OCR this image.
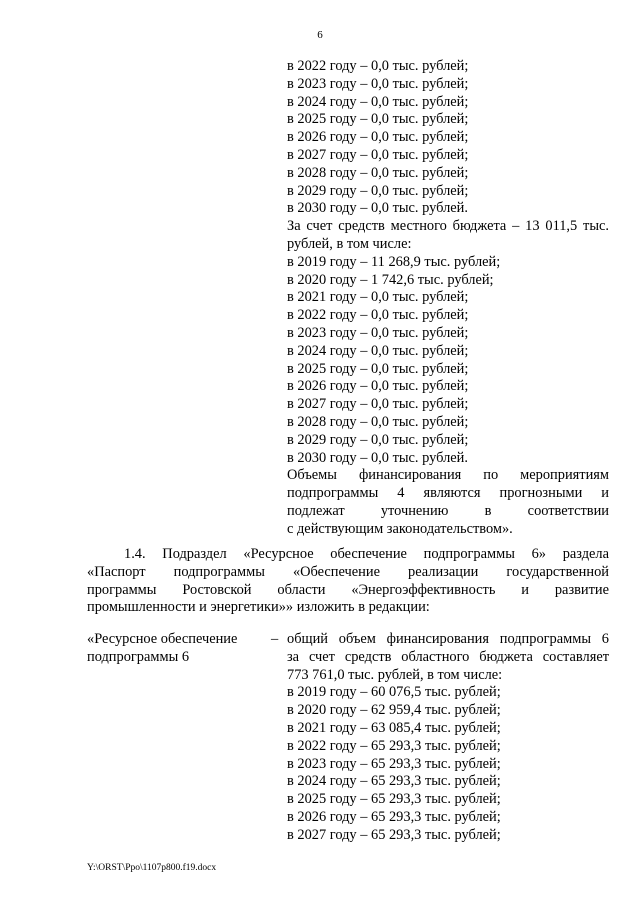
6
в 2022 году – 0,0 тыс. рублей;
в 2023 году – 0,0 тыс. рублей;
в 2024 году – 0,0 тыс. рублей;
в 2025 году – 0,0 тыс. рублей;
в 2026 году – 0,0 тыс. рублей;
в 2027 году – 0,0 тыс. рублей;
в 2028 году – 0,0 тыс. рублей;
в 2029 году – 0,0 тыс. рублей;
в 2030 году – 0,0 тыс. рублей.
За счет средств местного бюджета – 13 011,5 тыс.
рублей, в том числе:
в 2019 году – 11 268,9 тыс. рублей;
в 2020 году – 1 742,6 тыс. рублей;
в 2021 году – 0,0 тыс. рублей;
в 2022 году – 0,0 тыс. рублей;
в 2023 году – 0,0 тыс. рублей;
в 2024 году – 0,0 тыс. рублей;
в 2025 году – 0,0 тыс. рублей;
в 2026 году – 0,0 тыс. рублей;
в 2027 году – 0,0 тыс. рублей;
в 2028 году – 0,0 тыс. рублей;
в 2029 году – 0,0 тыс. рублей;
в 2030 году – 0,0 тыс. рублей.
Объемы финансирования по мероприятиям
подпрограммы 4 являются прогнозными и
подлежат уточнению в соответствии
с действующим законодательством».
1.4. Подраздел «Ресурсное обеспечение подпрограммы 6» раздела
«Паспорт подпрограммы «Обеспечение реализации государственной
программы Ростовской области «Энергоэффективность и развитие
промышленности и энергетики»» изложить в редакции:
«Ресурсное обеспечение
подпрограммы 6
– общий объем финансирования подпрограммы 6
за счет средств областного бюджета составляет
773 761,0 тыс. рублей, в том числе:
в 2019 году – 60 076,5 тыс. рублей;
в 2020 году – 62 959,4 тыс. рублей;
в 2021 году – 63 085,4 тыс. рублей;
в 2022 году – 65 293,3 тыс. рублей;
в 2023 году – 65 293,3 тыс. рублей;
в 2024 году – 65 293,3 тыс. рублей;
в 2025 году – 65 293,3 тыс. рублей;
в 2026 году – 65 293,3 тыс. рублей;
в 2027 году – 65 293,3 тыс. рублей;
Y:\ORST\Ppo\1107p800.f19.docx
